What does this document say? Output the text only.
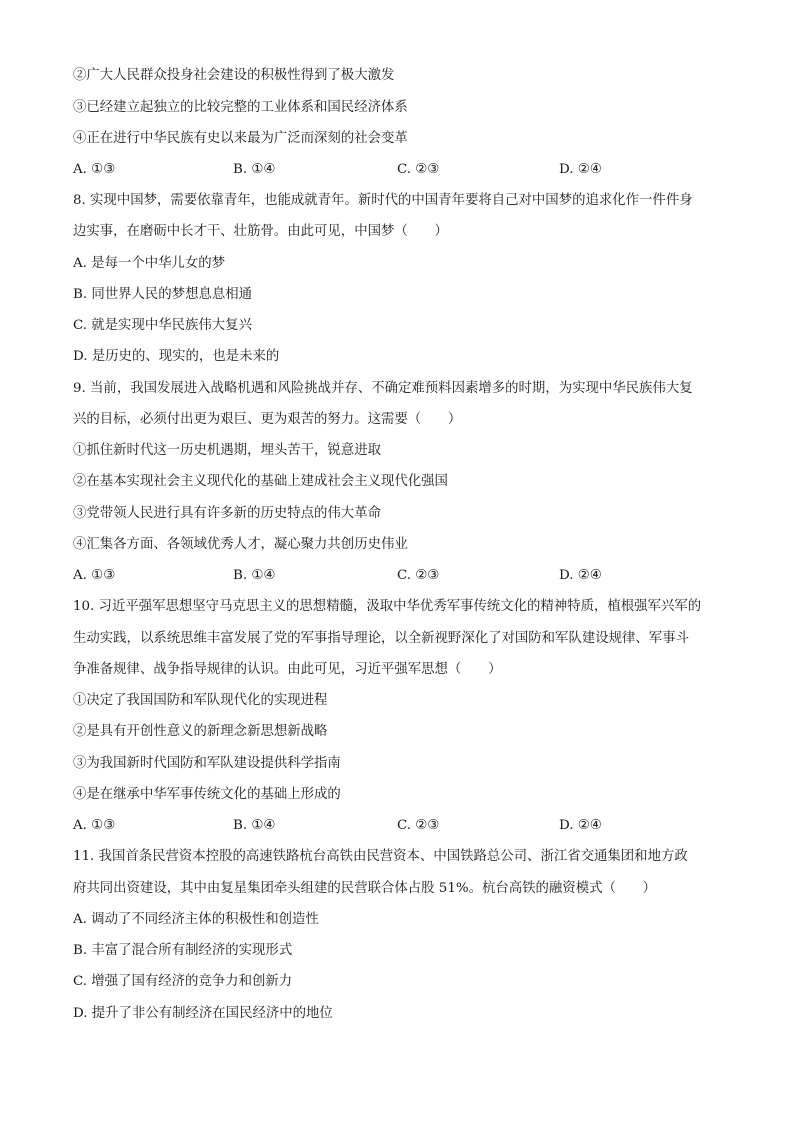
②广大人民群众投身社会建设的积极性得到了极大激发
③已经建立起独立的比较完整的工业体系和国民经济体系
④正在进行中华民族有史以来最为广泛而深刻的社会变革
A. ①③	B. ①④	C. ②③	D. ②④
8. 实现中国梦，需要依靠青年，也能成就青年。新时代的中国青年要将自己对中国梦的追求化作一件件身
边实事，在磨砺中长才干、壮筋骨。由此可见，中国梦（　　）
A. 是每一个中华儿女的梦
B. 同世界人民的梦想息息相通
C. 就是实现中华民族伟大复兴
D. 是历史的、现实的，也是未来的
9. 当前，我国发展进入战略机遇和风险挑战并存、不确定难预料因素增多的时期，为实现中华民族伟大复
兴的目标，必须付出更为艰巨、更为艰苦的努力。这需要（　　）
①抓住新时代这一历史机遇期，埋头苦干，锐意进取
②在基本实现社会主义现代化的基础上建成社会主义现代化强国
③党带领人民进行具有许多新的历史特点的伟大革命
④汇集各方面、各领域优秀人才，凝心聚力共创历史伟业
A. ①③	B. ①④	C. ②③	D. ②④
10. 习近平强军思想坚守马克思主义的思想精髓，汲取中华优秀军事传统文化的精神特质，植根强军兴军的
生动实践，以系统思维丰富发展了党的军事指导理论，以全新视野深化了对国防和军队建设规律、军事斗
争准备规律、战争指导规律的认识。由此可见，习近平强军思想（　　）
①决定了我国国防和军队现代化的实现进程
②是具有开创性意义的新理念新思想新战略
③为我国新时代国防和军队建设提供科学指南
④是在继承中华军事传统文化的基础上形成的
A. ①③	B. ①④	C. ②③	D. ②④
11. 我国首条民营资本控股的高速铁路杭台高铁由民营资本、中国铁路总公司、浙江省交通集团和地方政
府共同出资建设，其中由复星集团牵头组建的民营联合体占股 51%。杭台高铁的融资模式（　　）
A. 调动了不同经济主体的积极性和创造性
B. 丰富了混合所有制经济的实现形式
C. 增强了国有经济的竞争力和创新力
D. 提升了非公有制经济在国民经济中的地位
